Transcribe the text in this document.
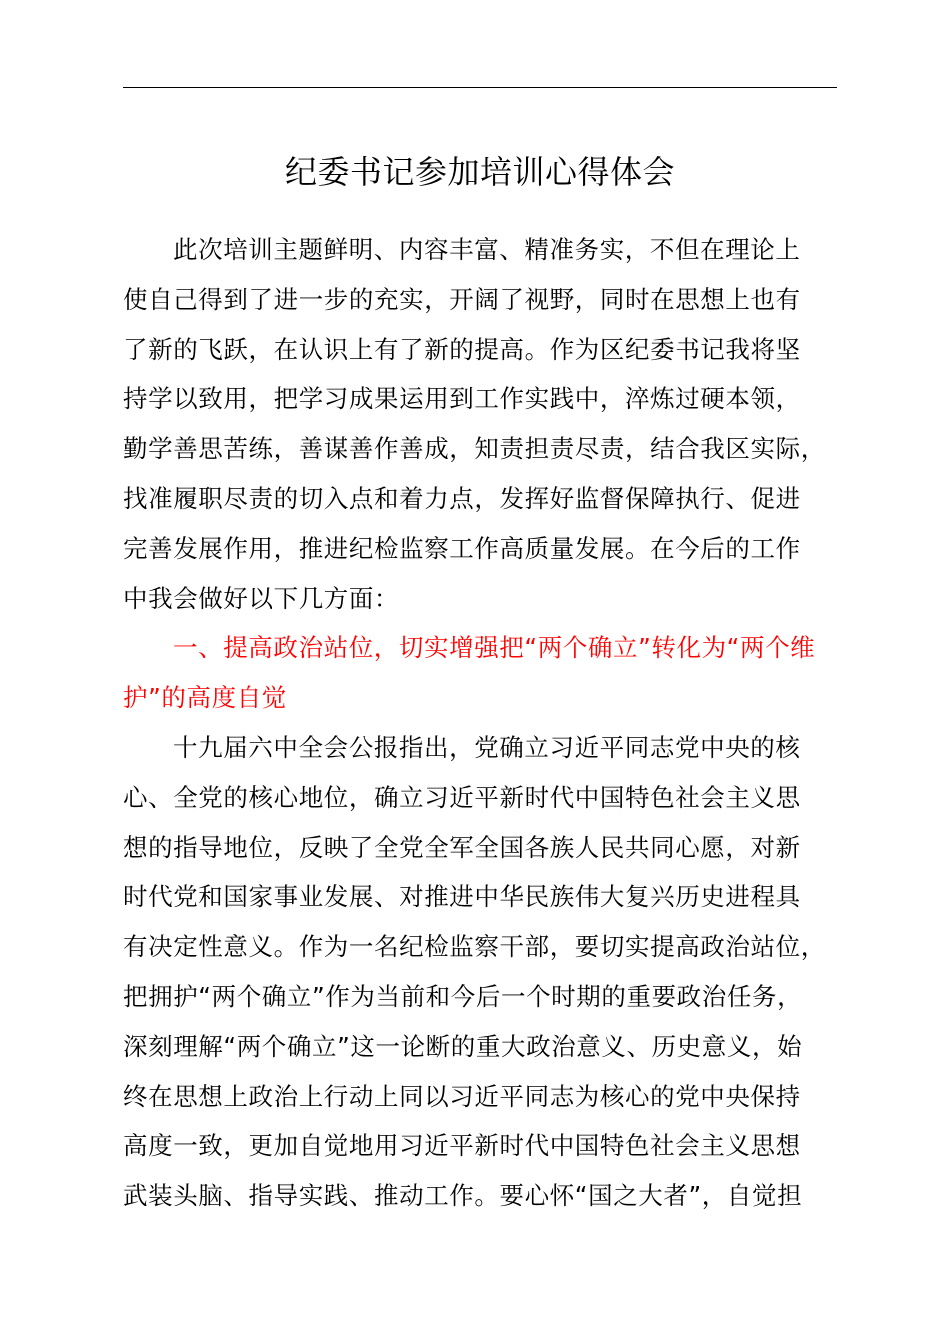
纪委书记参加培训心得体会
此次培训主题鲜明、内容丰富、精准务实，不但在理论上
使自己得到了进一步的充实，开阔了视野，同时在思想上也有
了新的飞跃，在认识上有了新的提高。作为区纪委书记我将坚
持学以致用，把学习成果运用到工作实践中，淬炼过硬本领，
勤学善思苦练，善谋善作善成，知责担责尽责，结合我区实际，
找准履职尽责的切入点和着力点，发挥好监督保障执行、促进
完善发展作用，推进纪检监察工作高质量发展。在今后的工作
中我会做好以下几方面：
一、提高政治站位，切实增强把“两个确立”转化为“两个维
护”的高度自觉
十九届六中全会公报指出，党确立习近平同志党中央的核
心、全党的核心地位，确立习近平新时代中国特色社会主义思
想的指导地位，反映了全党全军全国各族人民共同心愿，对新
时代党和国家事业发展、对推进中华民族伟大复兴历史进程具
有决定性意义。作为一名纪检监察干部，要切实提高政治站位，
把拥护“两个确立”作为当前和今后一个时期的重要政治任务，
深刻理解“两个确立”这一论断的重大政治意义、历史意义，始
终在思想上政治上行动上同以习近平同志为核心的党中央保持
高度一致，更加自觉地用习近平新时代中国特色社会主义思想
武装头脑、指导实践、推动工作。要心怀“国之大者”，自觉担
